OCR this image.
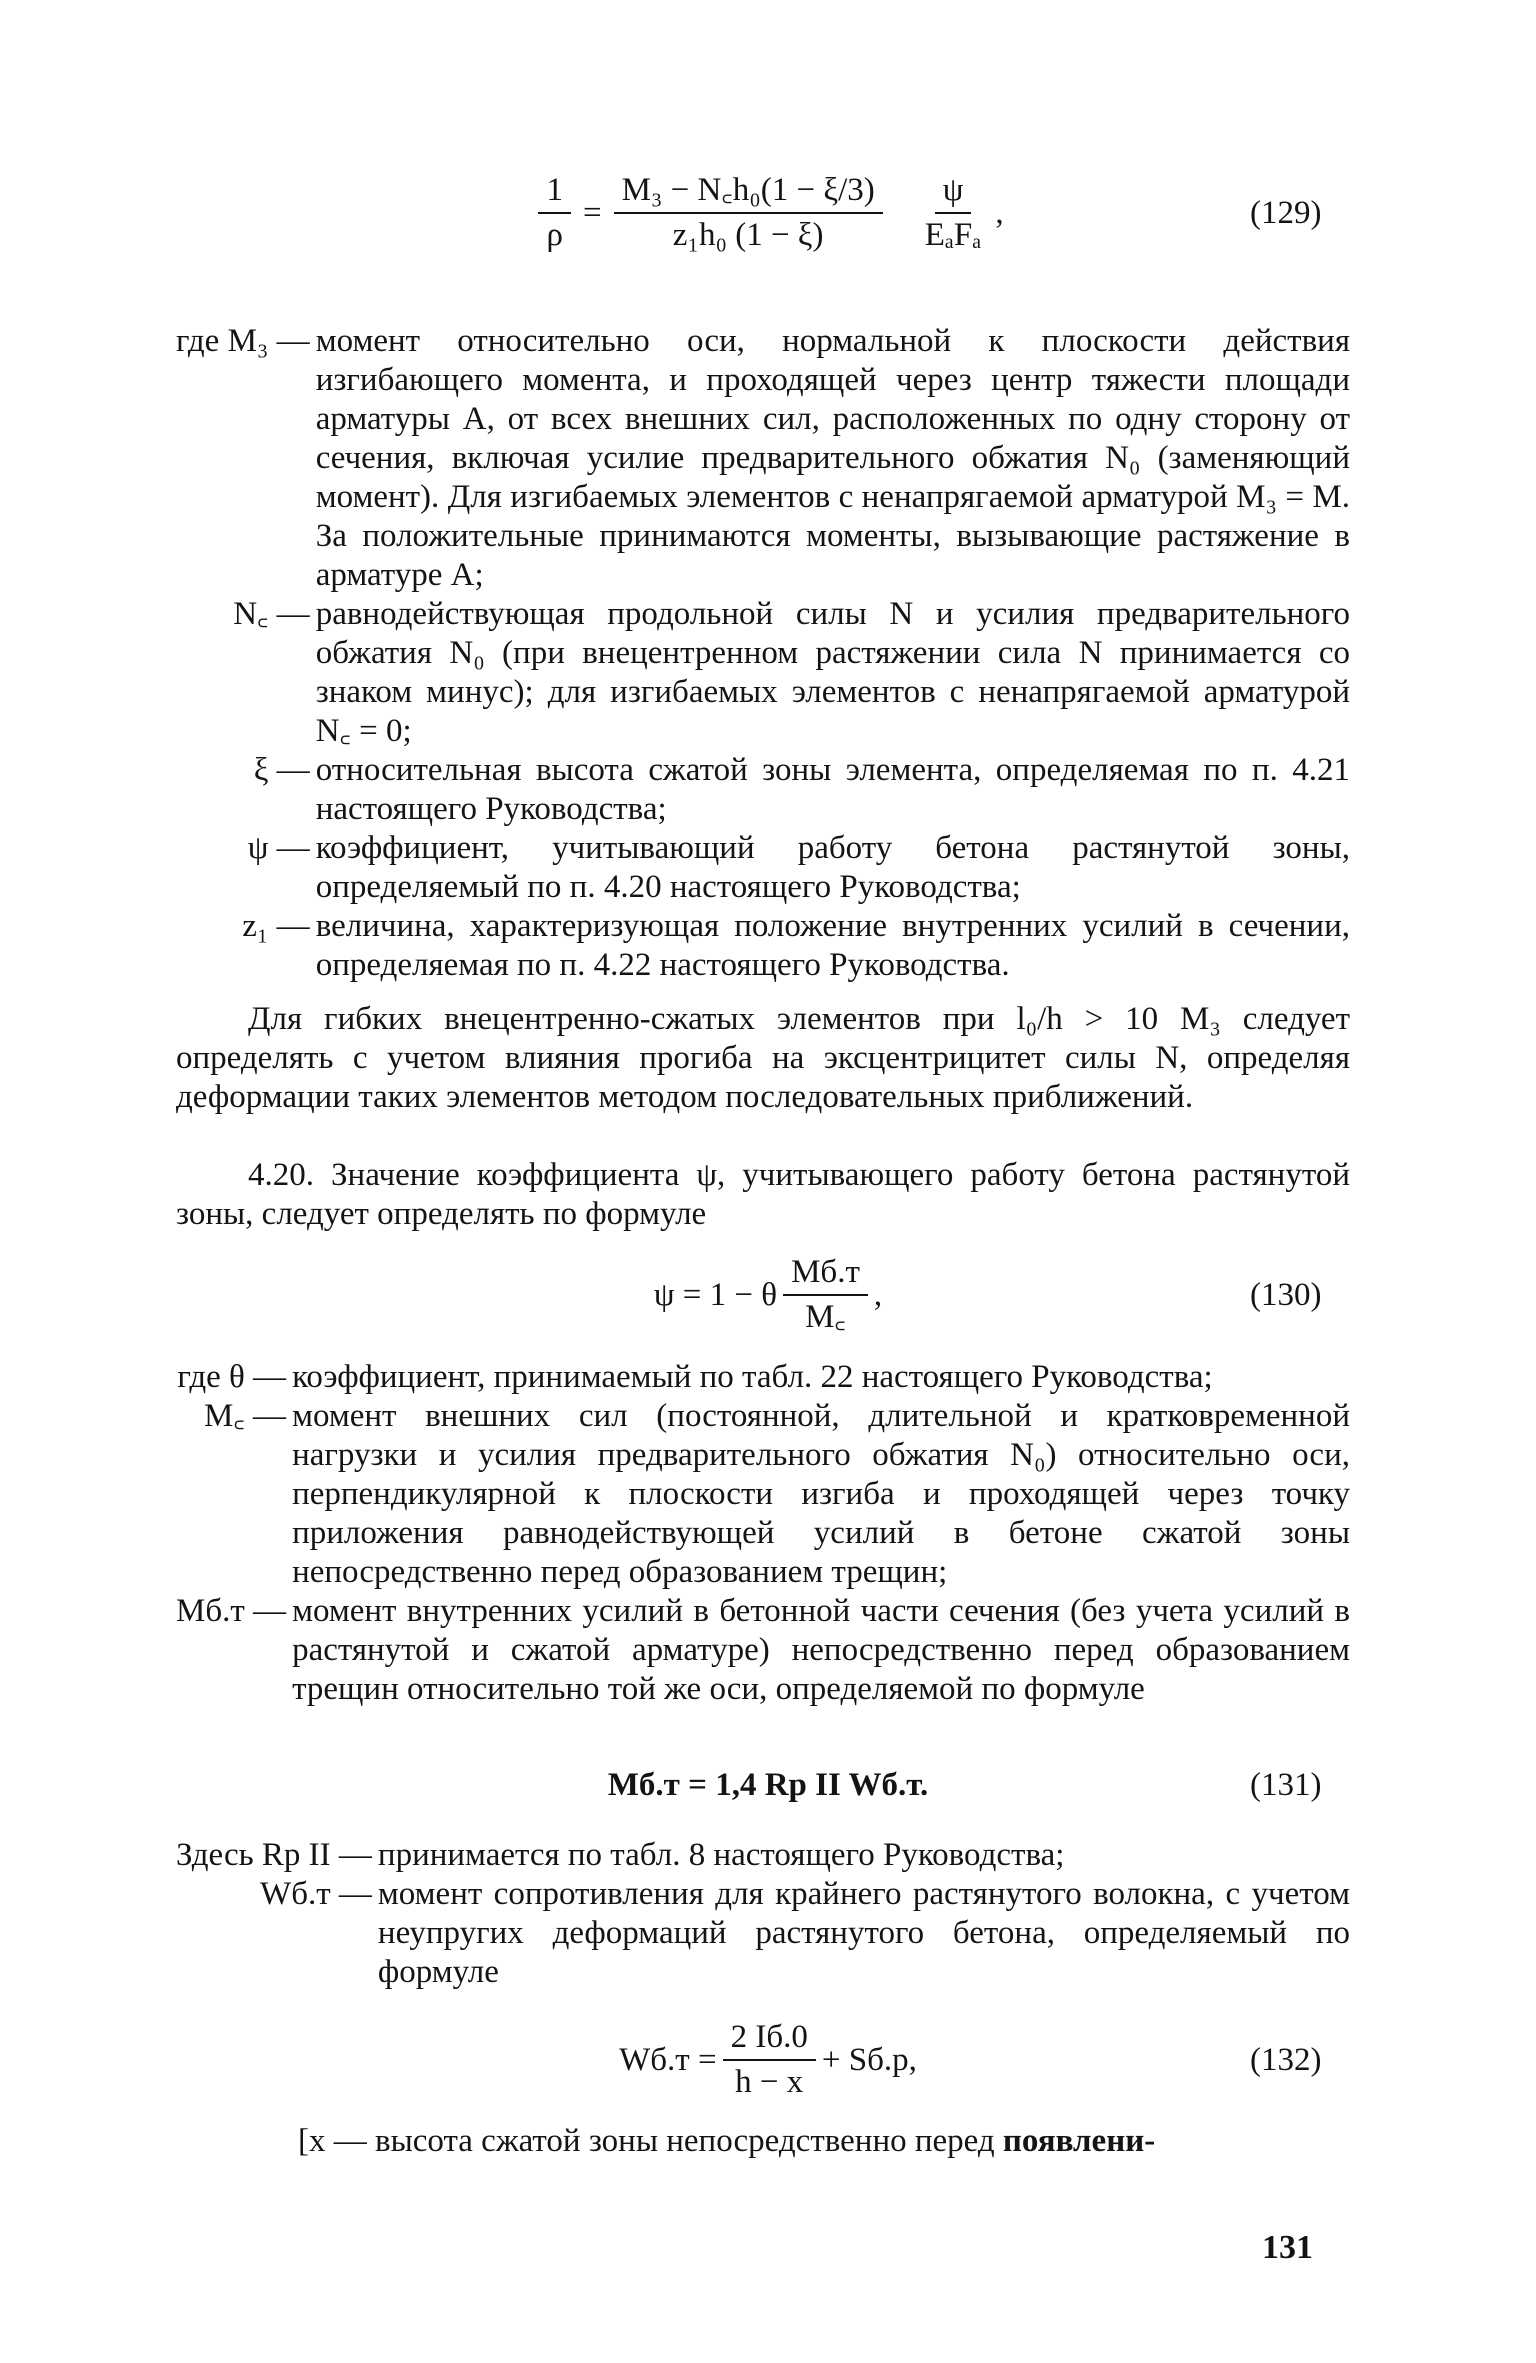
$\frac{1}{\rho} = \frac{\text{M₃ − N꜀h₀(1 − ξ/3)}}{\text{z₁h₀ (1 − ξ)}} \frac{\psi}{\text{EₐFₐ}}$ ,	(129)
где M₃ — момент относительно оси, нормальной к плоскости действия изгибающего момента, и проходящей через центр тяжести площади арматуры A, от всех внешних сил, расположенных по одну сторону от сечения, включая усилие предварительного обжатия N₀ (заменяющий момент). Для изгибаемых элементов с ненапрягаемой арматурой M₃ = M. За положительные принимаются моменты, вызывающие растяжение в арматуре A;
N꜀ — равнодействующая продольной силы N и усилия предварительного обжатия N₀ (при внецентренном растяжении сила N принимается со знаком минус); для изгибаемых элементов с ненапрягаемой арматурой N꜀ = 0;
ξ — относительная высота сжатой зоны элемента, определяемая по п. 4.21 настоящего Руководства;
ψ — коэффициент, учитывающий работу бетона растянутой зоны, определяемый по п. 4.20 настоящего Руководства;
z₁ — величина, характеризующая положение внутренних усилий в сечении, определяемая по п. 4.22 настоящего Руководства.
Для гибких внецентренно-сжатых элементов при l₀/h > 10 M₃ следует определять с учетом влияния прогиба на эксцентрицитет силы N, определяя деформации таких элементов методом последовательных приближений.
4.20. Значение коэффициента ψ, учитывающего работу бетона растянутой зоны, следует определять по формуле
ψ = 1 − θ $\frac{Mб.т}{M꜀}$ ,	(130)
где θ — коэффициент, принимаемый по табл. 22 настоящего Руководства;
M꜀ — момент внешних сил (постоянной, длительной и кратковременной нагрузки и усилия предварительного обжатия N₀) относительно оси, перпендикулярной к плоскости изгиба и проходящей через точку приложения равнодействующей усилий в бетоне сжатой зоны непосредственно перед образованием трещин;
Mб.т — момент внутренних усилий в бетонной части сечения (без учета усилий в растянутой и сжатой арматуре) непосредственно перед образованием трещин относительно той же оси, определяемой по формуле
Mб.т = 1,4 Rр II Wб.т.	(131)
Здесь Rр II — принимается по табл. 8 настоящего Руководства;
Wб.т — момент сопротивления для крайнего растянутого волокна, с учетом неупругих деформаций растянутого бетона, определяемый по формуле
$Wб.т = \frac{2 Iб.0}{h - x} + Sб.р$,	(132)
[x — высота сжатой зоны непосредственно перед появлени-
131
